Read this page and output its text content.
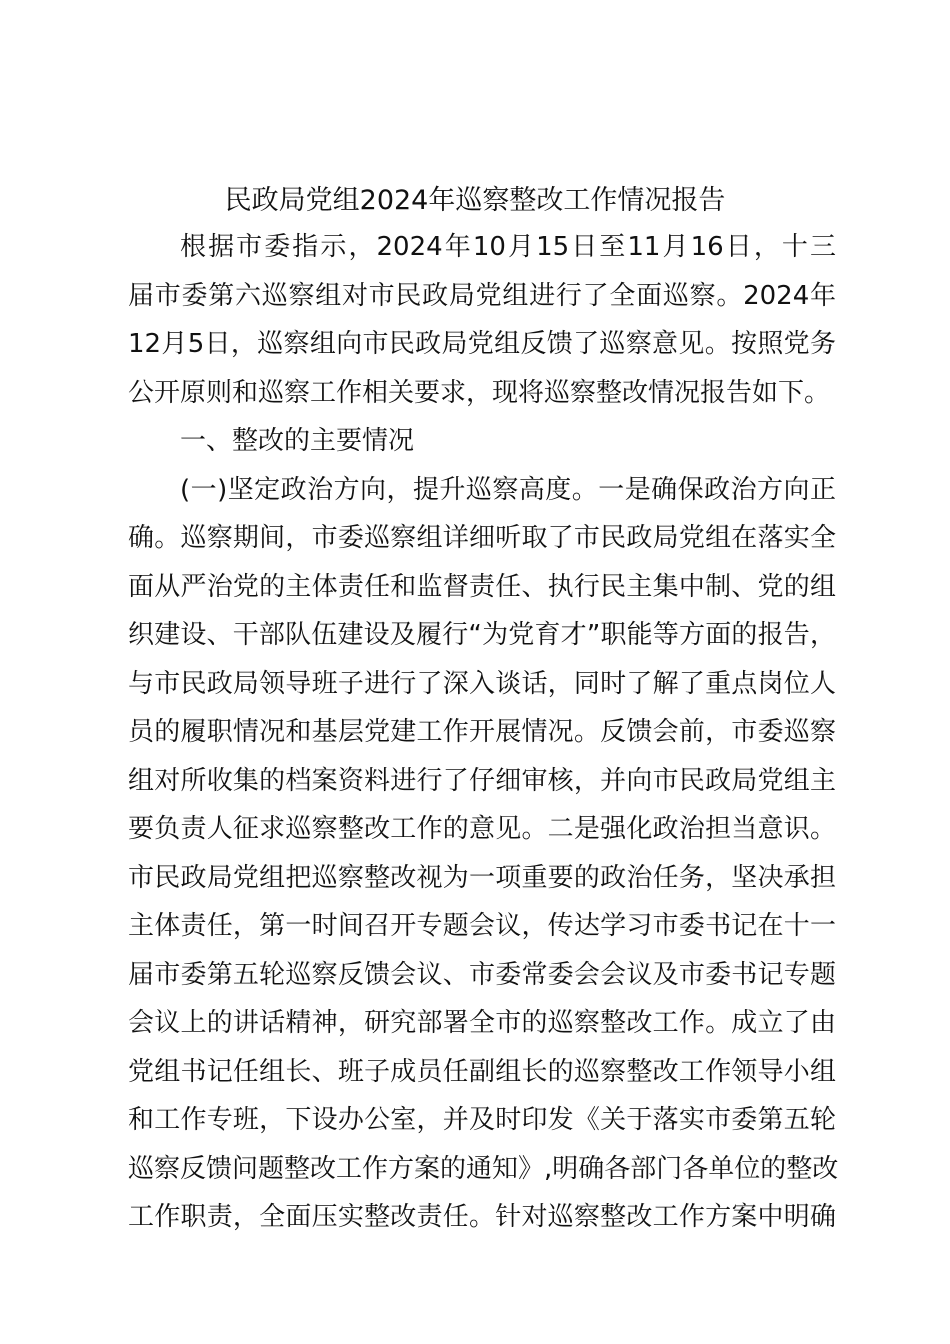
民政局党组2024年巡察整改工作情况报告

根据市委指示，2024年10月15日至11月16日，十三
届市委第六巡察组对市民政局党组进行了全面巡察。2024年
12月5日，巡察组向市民政局党组反馈了巡察意见。按照党务
公开原则和巡察工作相关要求，现将巡察整改情况报告如下。

一、整改的主要情况

(一)坚定政治方向，提升巡察高度。一是确保政治方向正
确。巡察期间，市委巡察组详细听取了市民政局党组在落实全
面从严治党的主体责任和监督责任、执行民主集中制、党的组
织建设、干部队伍建设及履行“为党育才”职能等方面的报告，
与市民政局领导班子进行了深入谈话，同时了解了重点岗位人
员的履职情况和基层党建工作开展情况。反馈会前，市委巡察
组对所收集的档案资料进行了仔细审核，并向市民政局党组主
要负责人征求巡察整改工作的意见。二是强化政治担当意识。
市民政局党组把巡察整改视为一项重要的政治任务，坚决承担
主体责任，第一时间召开专题会议，传达学习市委书记在十一
届市委第五轮巡察反馈会议、市委常委会会议及市委书记专题
会议上的讲话精神，研究部署全市的巡察整改工作。成立了由
党组书记任组长、班子成员任副组长的巡察整改工作领导小组
和工作专班，下设办公室，并及时印发《关于落实市委第五轮
巡察反馈问题整改工作方案的通知》,明确各部门各单位的整改
工作职责，全面压实整改责任。针对巡察整改工作方案中明确
